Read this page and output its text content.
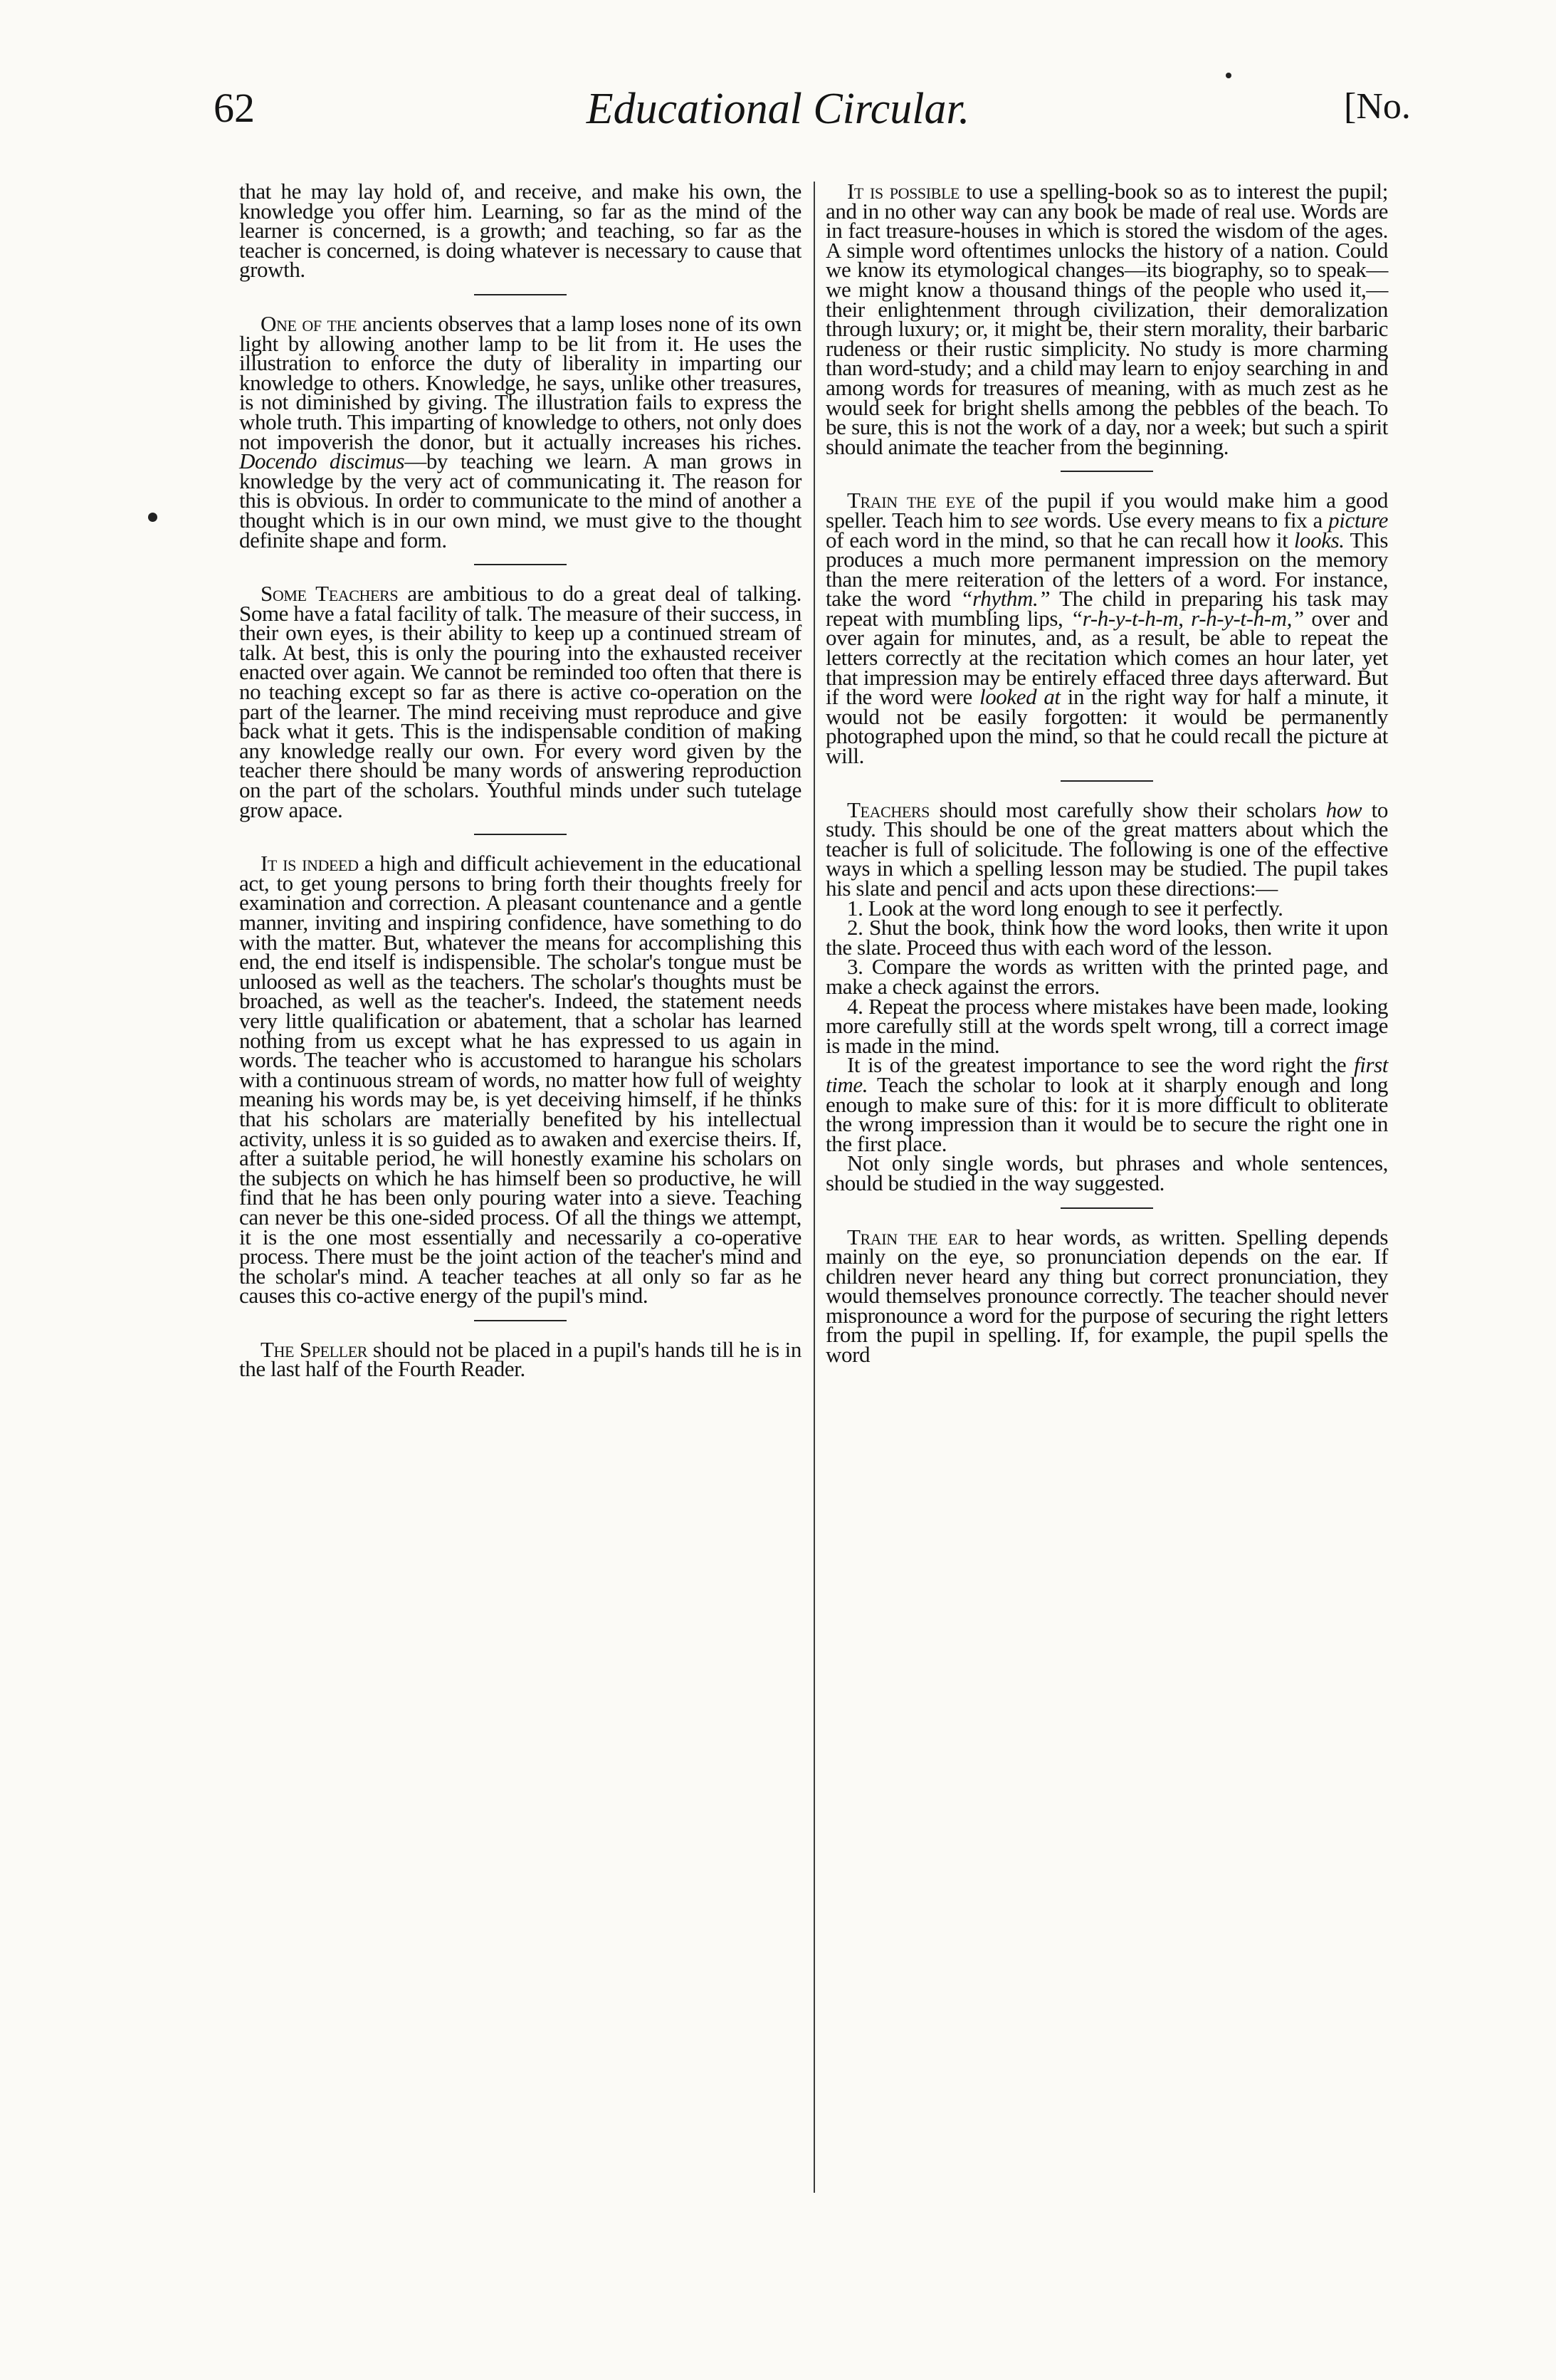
62	Educational Circular.	[No.

that he may lay hold of, and receive, and make his own, the knowledge you offer him. Learning, so far as the mind of the learner is concerned, is a growth; and teaching, so far as the teacher is concerned, is doing whatever is necessary to cause that growth.

One of the ancients observes that a lamp loses none of its own light by allowing another lamp to be lit from it. He uses the illustration to enforce the duty of liberality in imparting our knowledge to others. Knowledge, he says, unlike other treasures, is not diminished by giving. The illustration fails to express the whole truth. This imparting of knowledge to others, not only does not impoverish the donor, but it actually increases his riches. Docendo discimus—by teaching we learn. A man grows in knowledge by the very act of communicating it. The reason for this is obvious. In order to communicate to the mind of another a thought which is in our own mind, we must give to the thought definite shape and form.

Some Teachers are ambitious to do a great deal of talking. Some have a fatal facility of talk. The measure of their success, in their own eyes, is their ability to keep up a continued stream of talk. At best, this is only the pouring into the exhausted receiver enacted over again. We cannot be reminded too often that there is no teaching except so far as there is active co-operation on the part of the learner. The mind receiving must reproduce and give back what it gets. This is the indispensable condition of making any knowledge really our own. For every word given by the teacher there should be many words of answering reproduction on the part of the scholars. Youthful minds under such tutelage grow apace.

It is indeed a high and difficult achievement in the educational act, to get young persons to bring forth their thoughts freely for examination and correction. A pleasant countenance and a gentle manner, inviting and inspiring confidence, have something to do with the matter. But, whatever the means for accomplishing this end, the end itself is indispensible. The scholar's tongue must be unloosed as well as the teachers. The scholar's thoughts must be broached, as well as the teacher's. Indeed, the statement needs very little qualification or abatement, that a scholar has learned nothing from us except what he has expressed to us again in words. The teacher who is accustomed to harangue his scholars with a continuous stream of words, no matter how full of weighty meaning his words may be, is yet deceiving himself, if he thinks that his scholars are materially benefited by his intellectual activity, unless it is so guided as to awaken and exercise theirs. If, after a suitable period, he will honestly examine his scholars on the subjects on which he has himself been so productive, he will find that he has been only pouring water into a sieve. Teaching can never be this one-sided process. Of all the things we attempt, it is the one most essentially and necessarily a co-operative process. There must be the joint action of the teacher's mind and the scholar's mind. A teacher teaches at all only so far as he causes this co-active energy of the pupil's mind.

The Speller should not be placed in a pupil's hands till he is in the last half of the Fourth Reader.

It is possible to use a spelling-book so as to interest the pupil; and in no other way can any book be made of real use. Words are in fact treasure-houses in which is stored the wisdom of the ages. A simple word oftentimes unlocks the history of a nation. Could we know its etymological changes—its biography, so to speak—we might know a thousand things of the people who used it,—their enlightenment through civilization, their demoralization through luxury; or, it might be, their stern morality, their barbaric rudeness or their rustic simplicity. No study is more charming than word-study; and a child may learn to enjoy searching in and among words for treasures of meaning, with as much zest as he would seek for bright shells among the pebbles of the beach. To be sure, this is not the work of a day, nor a week; but such a spirit should animate the teacher from the beginning.

Train the eye of the pupil if you would make him a good speller. Teach him to see words. Use every means to fix a picture of each word in the mind, so that he can recall how it looks. This produces a much more permanent impression on the memory than the mere reiteration of the letters of a word. For instance, take the word “rhythm.” The child in preparing his task may repeat with mumbling lips, “r-h-y-t-h-m, r-h-y-t-h-m,” over and over again for minutes, and, as a result, be able to repeat the letters correctly at the recitation which comes an hour later, yet that impression may be entirely effaced three days afterward. But if the word were looked at in the right way for half a minute, it would not be easily forgotten: it would be permanently photographed upon the mind, so that he could recall the picture at will.

Teachers should most carefully show their scholars how to study. This should be one of the great matters about which the teacher is full of solicitude. The following is one of the effective ways in which a spelling lesson may be studied. The pupil takes his slate and pencil and acts upon these directions:—

1. Look at the word long enough to see it perfectly.

2. Shut the book, think how the word looks, then write it upon the slate. Proceed thus with each word of the lesson.

3. Compare the words as written with the printed page, and make a check against the errors.

4. Repeat the process where mistakes have been made, looking more carefully still at the words spelt wrong, till a correct image is made in the mind.

It is of the greatest importance to see the word right the first time. Teach the scholar to look at it sharply enough and long enough to make sure of this: for it is more difficult to obliterate the wrong impression than it would be to secure the right one in the first place.

Not only single words, but phrases and whole sentences, should be studied in the way suggested.

Train the ear to hear words, as written. Spelling depends mainly on the eye, so pronunciation depends on the ear. If children never heard any thing but correct pronunciation, they would themselves pronounce correctly. The teacher should never mispronounce a word for the purpose of securing the right letters from the pupil in spelling. If, for example, the pupil spells the word
